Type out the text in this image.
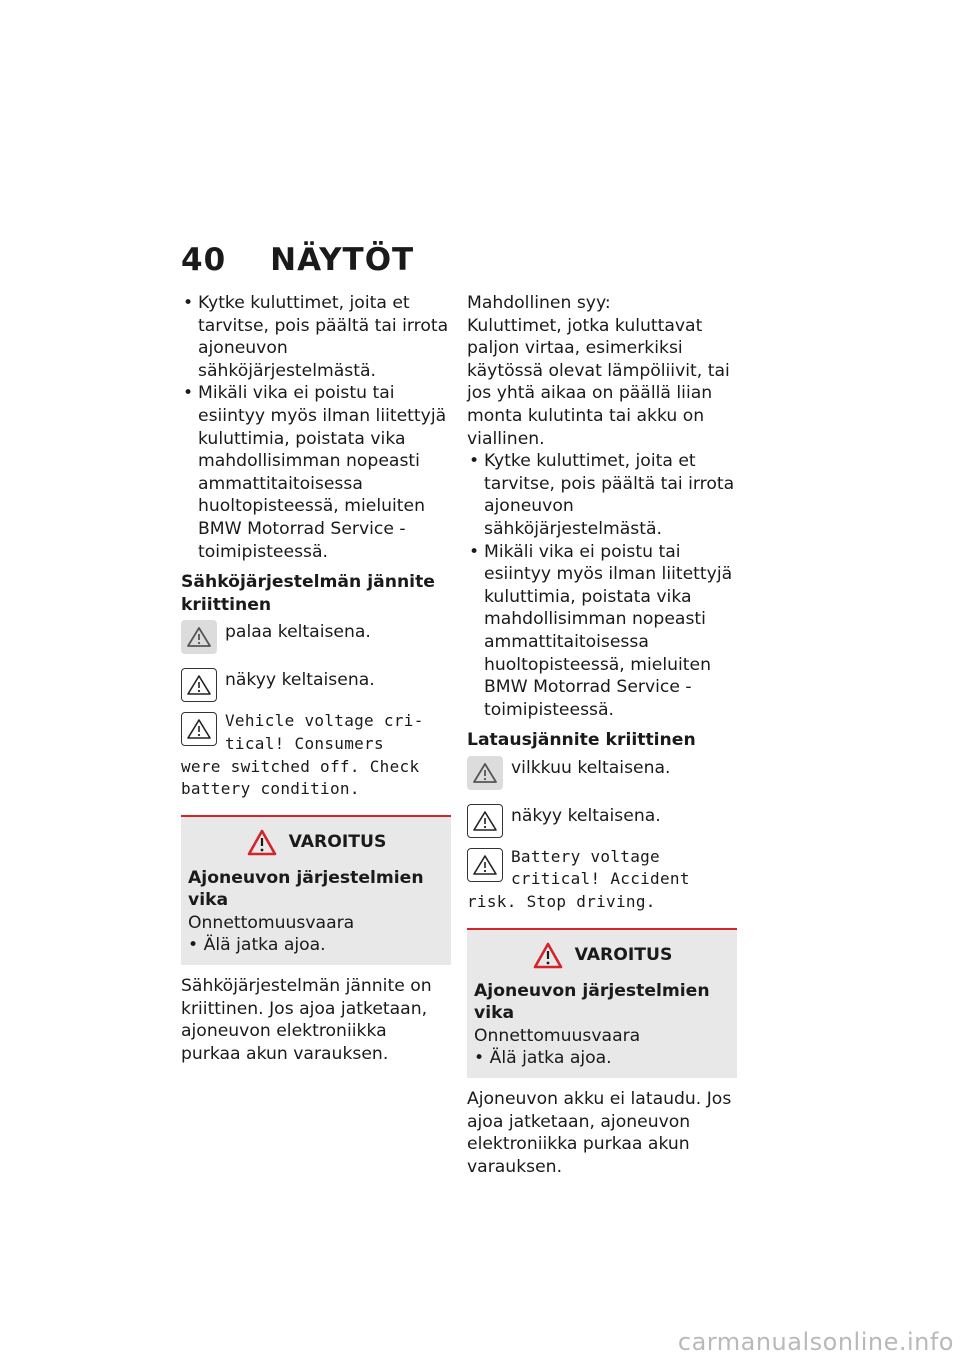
40 NÄYTÖT
• Kytke kuluttimet, joita et tarvitse, pois päältä tai irrota ajoneuvon sähköjärjestelmästä.
• Mikäli vika ei poistu tai esiintyy myös ilman liitettyjä kuluttimia, poistata vika mahdollisimman nopeasti ammattitaitoisessa huoltopisteessä, mieluiten BMW Motorrad Service -toimipisteessä.
Sähköjärjestelmän jännite kriittinen
palaa keltaisena.
näkyy keltaisena.
Vehicle voltage cri-
tical! Consumers
were switched off. Check
battery condition.
VAROITUS
Ajoneuvon järjestelmien vika
Onnettomuusvaara
• Älä jatka ajoa.
Sähköjärjestelmän jännite on kriittinen. Jos ajoa jatketaan, ajoneuvon elektroniikka purkaa akun varauksen.
Mahdollinen syy:
Kuluttimet, jotka kuluttavat paljon virtaa, esimerkiksi käytössä olevat lämpöliivit, tai jos yhtä aikaa on päällä liian monta kulutinta tai akku on viallinen.
• Kytke kuluttimet, joita et tarvitse, pois päältä tai irrota ajoneuvon sähköjärjestelmästä.
• Mikäli vika ei poistu tai esiintyy myös ilman liitettyjä kuluttimia, poistata vika mahdollisimman nopeasti ammattitaitoisessa huoltopisteessä, mieluiten BMW Motorrad Service -toimipisteessä.
Latausjännite kriittinen
vilkkuu keltaisena.
näkyy keltaisena.
Battery voltage
critical! Accident
risk. Stop driving.
VAROITUS
Ajoneuvon järjestelmien vika
Onnettomuusvaara
• Älä jatka ajoa.
Ajoneuvon akku ei lataudu. Jos ajoa jatketaan, ajoneuvon elektroniikka purkaa akun varauksen.
carmanualsonline.info
